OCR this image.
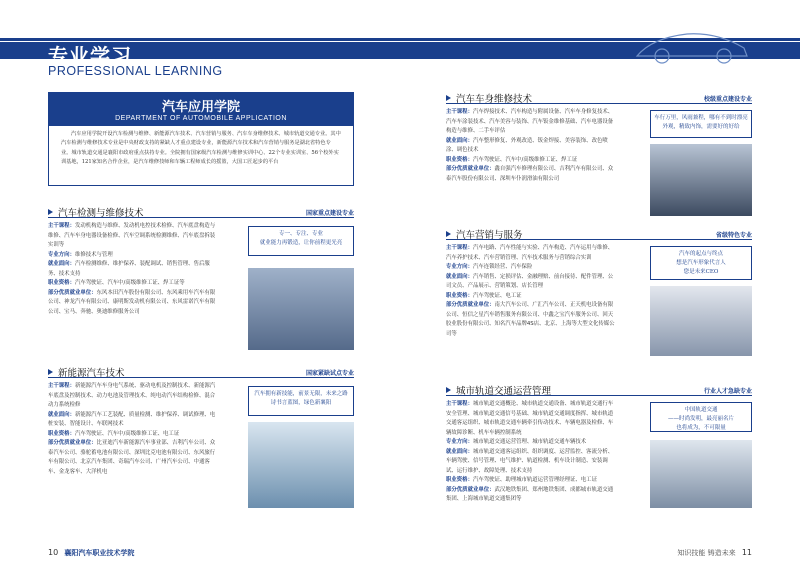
专业学习
PROFESSIONAL LEARNING
汽车应用学院
DEPARTMENT OF AUTOMOBILE APPLICATION
汽车应用学院开设汽车检测与维修、新能源汽车技术、汽车营销与服务、汽车车身维修技术、城市轨道交通专业。其中汽车检测与维修技术专业是中央财政支持的紧缺人才重点建设专业，新能源汽车技术和汽车营销与服务是湖北省特色专业。城市轨道交通是襄阳市政府重点扶持专业。全院拥有国家级汽车检测与维修实训中心、22个专业实训室、56个校外实训基地，121家知名合作企业，是汽车维修技师和车辆工程师成长的摇篮，大国工匠起步的平台
汽车检测与维修技术	国家重点建设专业
主干课程：发动机构造与维修、发动机电控技术检修、汽车底盘构造与维修、汽车车身电器设备检修、汽车空调系统检测维修、汽车底盘拆装实训等
专业方向：维修技术与管理
就业面向：汽车检测维修、维护保养、装配调试、销售管理、售后服务、技术支持
职业资格：汽车驾驶证、汽车中/高级维修工证、焊工证等
部分优质就业单位：东风本田汽车股份有限公司、东风乘用车汽车有限公司、神龙汽车有限公司、康明斯发动机有限公司、东风雷诺汽车有限公司、宝马、奔驰、奥迪维修服务公司
专一、专注、专业
就业能力再锻造，让你前程更光亮
新能源汽车技术	国家紧缺试点专业
主干课程：新能源汽车车身电气系统、驱动电机及控制技术、新能源汽车底盘及控制技术、动力电池及管理技术、纯电动汽车结构检修、混合动力系统检修
就业面向：新能源汽车工艺装配、质量检测、维护保养、调试修理、电桩安装、智能设计、车联网技术
职业资格：汽车驾驶证、汽车中/高级维修工证、电工证
部分优质就业单位：比亚迪汽车新能源汽车事业部、吉利汽车公司、众泰汽车公司、骆驼蓄电池有限公司、深圳比克电池有限公司、东风旅行车有限公司、北京汽车集团、奇瑞汽车公司、广州汽车公司、中通客车、金龙客车、大洋机电
汽车拥有新技能，前景无限，未来之路
诗书言蓝图，绿色新襄阳
10 襄阳汽车职业技术学院
汽车车身维修技术	校级重点建设专业
主干课程：汽车焊接技术、汽车构造与附属设备、汽车车身修复技术、汽车车涂装技术、汽车美容与装饰、汽车钣金维修基础、汽车电器设备构造与维修、二手车评估
就业面向：汽车整形修复、外观改造、钣金焊接、美容装饰、改色喷涂、调色技术
职业资格：汽车驾驶证、汽车中/高级维修工证、焊工证
部分优质就业单位：鑫自强汽车修理有限公司、吉利汽车有限公司、众泰汽车股份有限公司、深圳车仆润滑油有限公司
车行万里，风雨兼程，哪有不到时漂亮外观，精致内饰，需要好的好给
汽车营销与服务	省级特色专业
主干课程：汽车电路、汽车性能与实验、汽车构造、汽车运用与维修、汽车养护技术、汽车营销管理、汽车技术服务与营销综合实训
专业方向：汽车连锁经营、汽车保险
就业面向：汽车销售、定损评估、金融理赔、前台接待、配件管理、公司文员、产品展示、营销策划、店长管理
职业资格：汽车驾驶证、电工证
部分优质就业单位：南大汽车公司、广汇汽车公司、正天机电设备有限公司、恒信之星汽车销售服务有限公司、中鑫之宝汽车服务公司、回天胶业股份有限公司、知名汽车品牌4S店、北京、上海等大型文化传媒公司等
汽车的起点与终点
想是汽车形象代言人
您是未来CEO
城市轨道交通运营管理	行业人才急缺专业
主干课程：城市轨道交通概论、城市轨道交通设备、城市轨道交通行车安全管理、城市轨道交通信号基础、城市轨道交通调度指挥、城市轨道交通客运组织、城市轨道交通车辆牵引传动技术、车辆电器及检修、车辆故障诊断、机车车辆控制系统
专业方向：城市轨道交通运营管理、城市轨道交通车辆技术
就业面向：城市轨道交通客运组织、组织调度、运营监控、客流分析、车辆驾驶、信号管理、电气维护、轨道检测、机车设计制造、安装调试、运行维护、故障处理、技术支持
职业资格：汽车驾驶证、助理城市轨道运营管理经理证、电工证
部分优质就业单位：武汉地铁集团、郑州地铁集团、成都城市轨道交通集团、上海城市轨道交通集团等
中国轨道交通
——时尚发明，最亮丽名片
也将成为，不可限量
知识技能 铸造未来 11
